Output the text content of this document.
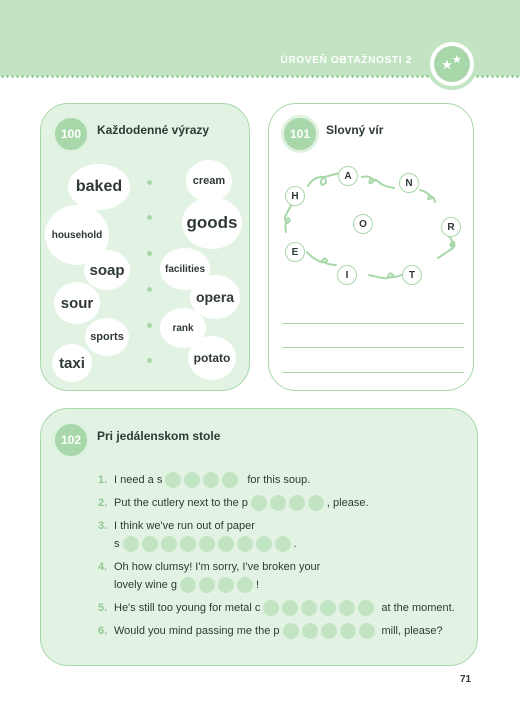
ÚROVEŇ OBTAŽNOSTI 2 ★ ★
100	Každodenné výrazy
baked
household
soap
sour
sports
taxi
cream
goods
facilities
opera
rank
potato
101	Slovný vír
A
N
H
O	R
E
I	T
102	Pri jedálenskom stole
1. I need a s	for this soup.
2. Put the cutlery next to the p	, please.
3. I think we've run out of paper
s	.
4. Oh how clumsy! I'm sorry, I've broken your
lovely wine g	!
5. He's still too young for metal c	at the moment.
6. Would you mind passing me the p	mill, please?
71
